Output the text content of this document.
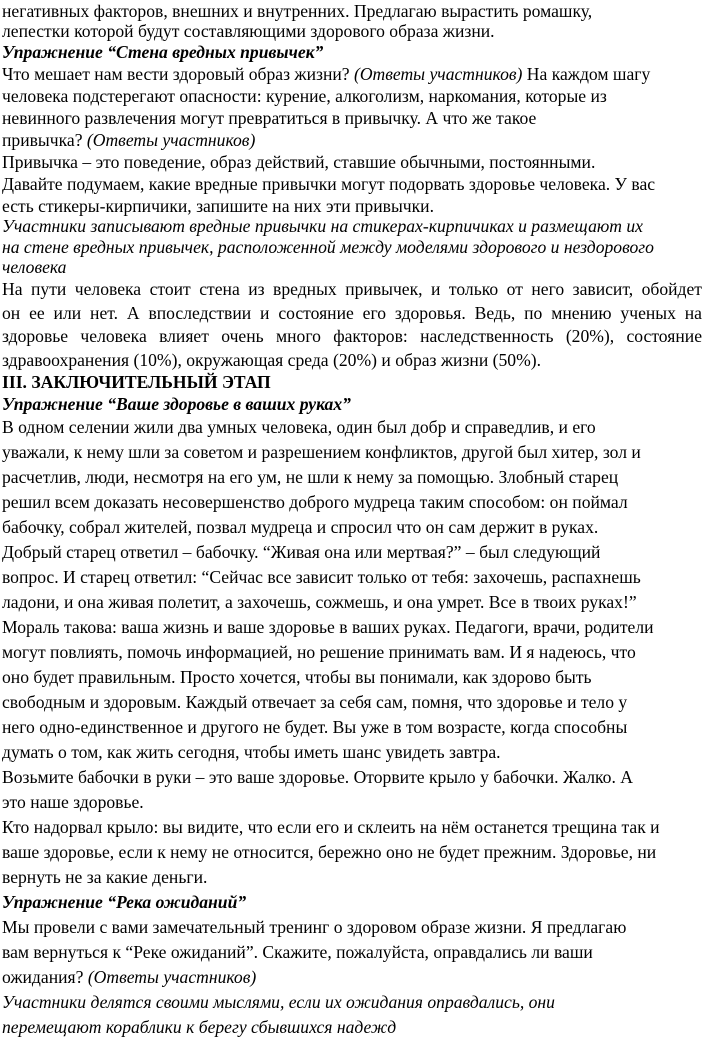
негативных факторов, внешних и внутренних. Предлагаю вырастить ромашку,
лепестки которой будут составляющими здорового образа жизни.
Упражнение “Стена вредных привычек”
Что мешает нам вести здоровый образ жизни? (Ответы участников) На каждом шагу
человека подстерегают опасности: курение, алкоголизм, наркомания, которые из
невинного развлечения могут превратиться в привычку. А что же такое
привычка? (Ответы участников)
Привычка – это поведение, образ действий, ставшие обычными, постоянными.
Давайте подумаем, какие вредные привычки могут подорвать здоровье человека. У вас
есть стикеры-кирпичики, запишите на них эти привычки.
Участники записывают вредные привычки на стикерах-кирпичиках и размещают их
на стене вредных привычек, расположенной между моделями здорового и нездорового
человека
На пути человека стоит стена из вредных привычек, и только от него зависит, обойдет
он ее или нет. А впоследствии и состояние его здоровья. Ведь, по мнению ученых на
здоровье человека влияет очень много факторов: наследственность (20%), состояние
здравоохранения (10%), окружающая среда (20%) и образ жизни (50%).
III. ЗАКЛЮЧИТЕЛЬНЫЙ ЭТАП
Упражнение “Ваше здоровье в ваших руках”
В одном селении жили два умных человека, один был добр и справедлив, и его
уважали, к нему шли за советом и разрешением конфликтов, другой был хитер, зол и
расчетлив, люди, несмотря на его ум, не шли к нему за помощью. Злобный старец
решил всем доказать несовершенство доброго мудреца таким способом: он поймал
бабочку, собрал жителей, позвал мудреца и спросил что он сам держит в руках.
Добрый старец ответил – бабочку. “Живая она или мертвая?” – был следующий
вопрос. И старец ответил: “Сейчас все зависит только от тебя: захочешь, распахнешь
ладони, и она живая полетит, а захочешь, сожмешь, и она умрет. Все в твоих руках!”
Мораль такова: ваша жизнь и ваше здоровье в ваших руках. Педагоги, врачи, родители
могут повлиять, помочь информацией, но решение принимать вам. И я надеюсь, что
оно будет правильным. Просто хочется, чтобы вы понимали, как здорово быть
свободным и здоровым. Каждый отвечает за себя сам, помня, что здоровье и тело у
него одно-единственное и другого не будет. Вы уже в том возрасте, когда способны
думать о том, как жить сегодня, чтобы иметь шанс увидеть завтра.
Возьмите бабочки в руки – это ваше здоровье. Оторвите крыло у бабочки. Жалко. А
это наше здоровье.
Кто надорвал крыло: вы видите, что если его и склеить на нём останется трещина так и
ваше здоровье, если к нему не относится, бережно оно не будет прежним. Здоровье, ни
вернуть не за какие деньги.
Упражнение “Река ожиданий”
Мы провели с вами замечательный тренинг о здоровом образе жизни. Я предлагаю
вам вернуться к “Реке ожиданий”. Скажите, пожалуйста, оправдались ли ваши
ожидания? (Ответы участников)
Участники делятся своими мыслями, если их ожидания оправдались, они
перемещают кораблики к берегу сбывшихся надежд
